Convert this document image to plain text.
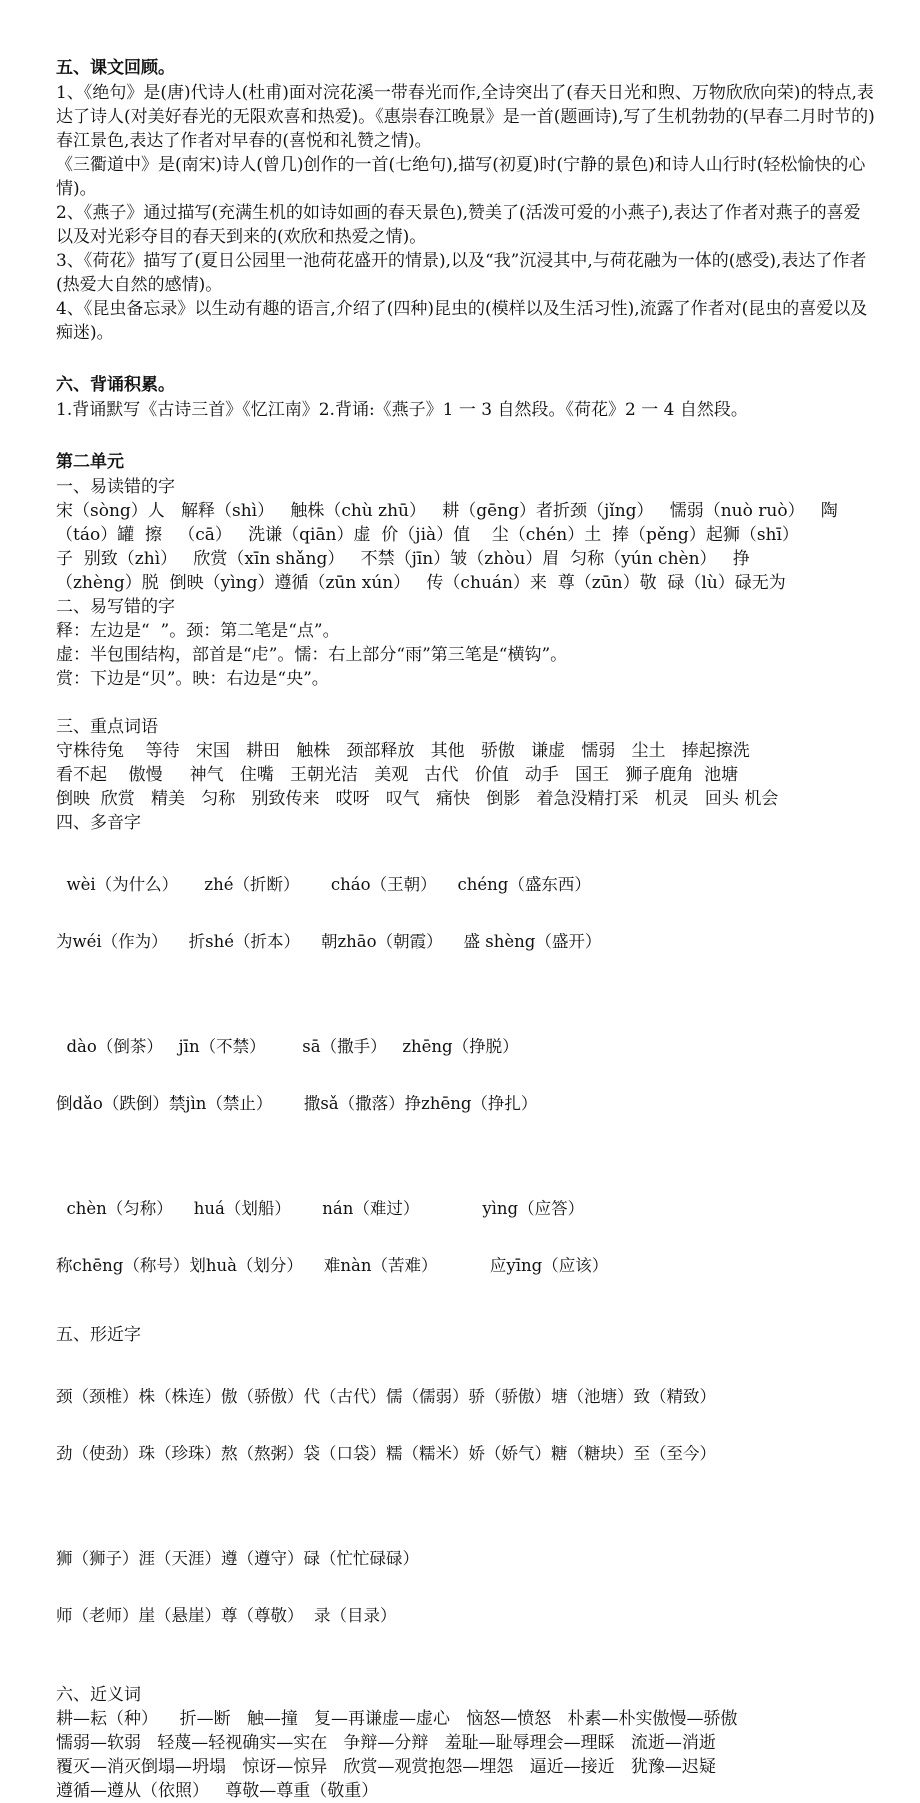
五、课文回顾。
1、《绝句》是(唐)代诗人(杜甫)面对浣花溪一带春光而作,全诗突出了(春天日光和煦、万物欣欣向荣)的特点,表达了诗人(对美好春光的无限欢喜和热爱)。《惠崇春江晚景》是一首(题画诗),写了生机勃勃的(早春二月时节的)春江景色,表达了作者对早春的(喜悦和礼赞之情)。
《三衢道中》是(南宋)诗人(曾几)创作的一首(七绝句),描写(初夏)时(宁静的景色)和诗人山行时(轻松愉快的心情)。
2、《燕子》通过描写(充满生机的如诗如画的春天景色),赞美了(活泼可爱的小燕子),表达了作者对燕子的喜爱以及对光彩夺目的春天到来的(欢欣和热爱之情)。
3、《荷花》描写了(夏日公园里一池荷花盛开的情景),以及“我”沉浸其中,与荷花融为一体的(感受),表达了作者(热爱大自然的感情)。
4、《昆虫备忘录》以生动有趣的语言,介绍了(四种)昆虫的(模样以及生活习性),流露了作者对(昆虫的喜爱以及痴迷)。
六、背诵积累。
1.背诵默写《古诗三首》《忆江南》2.背诵:《燕子》1 一 3 自然段。《荷花》2 一 4 自然段。
第二单元
一、易读错的字
宋（sòng）人   解释（shì）   触株（chù zhū）   耕（gēng）者折颈（jǐng）   懦弱（nuò ruò）   陶
（táo）罐  擦   （cā）   洗谦（qiān）虚  价（jià）值    尘（chén）土  捧（pěng）起狮（shī）
子  别致（zhì）   欣赏（xīn shǎng）   不禁（jīn）皱（zhòu）眉  匀称（yún chèn）   挣
（zhèng）脱  倒映（yìng）遵循（zūn xún）   传（chuán）来  尊（zūn）敬  碌（lù）碌无为
二、易写错的字
释：左边是“  ”。颈：第二笔是“点”。
虚：半包围结构，部首是“虍”。懦：右上部分“雨”第三笔是“横钩”。
赏：下边是“贝”。映：右边是“央”。
三、重点词语
守株待兔    等待   宋国   耕田   触株   颈部释放   其他   骄傲   谦虚   懦弱   尘土   捧起擦洗
看不起    傲慢     神气   住嘴   王朝光洁   美观   古代   价值   动手   国王   狮子鹿角  池塘
倒映  欣赏   精美   匀称   别致传来   哎呀   叹气   痛快   倒影   着急没精打采   机灵   回头 机会
四、多音字

wèi（为什么）     zhé（折断）      cháo（王朝）    chéng（盛东西）

为wéi（作为）    折shé（折本）    朝zhāo（朝霞）    盛 shèng（盛开）

dào（倒茶）   jīn（不禁）       sā（撒手）   zhēng（挣脱）

倒dǎo（跌倒）禁jìn（禁止）      撒sǎ（撒落）挣zhēng（挣扎）

chèn（匀称）    huá（划船）      nán（难过）            yìng（应答）

称chēng（称号）划huà（划分）    难nàn（苦难）          应yīng（应该）

五、形近字

颈（颈椎）株（株连）傲（骄傲）代（古代）儒（儒弱）骄（骄傲）塘（池塘）致（精致）

劲（使劲）珠（珍珠）熬（熬粥）袋（口袋）糯（糯米）娇（娇气）糖（糖块）至（至今）

狮（狮子）涯（天涯）遵（遵守）碌（忙忙碌碌）

师（老师）崖（悬崖）尊（尊敬）  录（目录）

六、近义词
耕—耘（种）    折—断   触—撞   复—再谦虚—虚心   恼怒—愤怒   朴素—朴实傲慢—骄傲
懦弱—软弱   轻蔑—轻视确实—实在   争辩—分辩   羞耻—耻辱理会—理睬   流逝—消逝
覆灭—消灭倒塌—坍塌   惊讶—惊异   欣赏—观赏抱怨—埋怨   逼近—接近   犹豫—迟疑
遵循—遵从（依照）   尊敬—尊重（敬重）
